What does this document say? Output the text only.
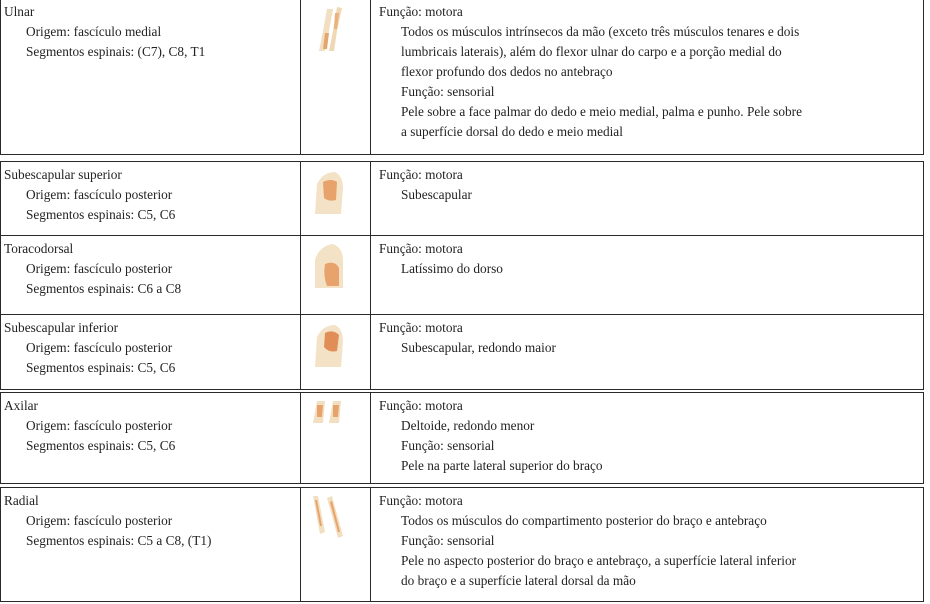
Ulnar
Origem: fascículo medial
Segmentos espinais: (C7), C8, T1
Função: motora
Todos os músculos intrínsecos da mão (exceto três músculos tenares e dois
lumbricais laterais), além do flexor ulnar do carpo e a porção medial do
flexor profundo dos dedos no antebraço
Função: sensorial
Pele sobre a face palmar do dedo e meio medial, palma e punho. Pele sobre
a superfície dorsal do dedo e meio medial
Subescapular superior
Origem: fascículo posterior
Segmentos espinais: C5, C6
Função: motora
Subescapular
Toracodorsal
Origem: fascículo posterior
Segmentos espinais: C6 a C8
Função: motora
Latíssimo do dorso
Subescapular inferior
Origem: fascículo posterior
Segmentos espinais: C5, C6
Função: motora
Subescapular, redondo maior
Axilar
Origem: fascículo posterior
Segmentos espinais: C5, C6
Função: motora
Deltoide, redondo menor
Função: sensorial
Pele na parte lateral superior do braço
Radial
Origem: fascículo posterior
Segmentos espinais: C5 a C8, (T1)
Função: motora
Todos os músculos do compartimento posterior do braço e antebraço
Função: sensorial
Pele no aspecto posterior do braço e antebraço, a superfície lateral inferior
do braço e a superfície lateral dorsal da mão
